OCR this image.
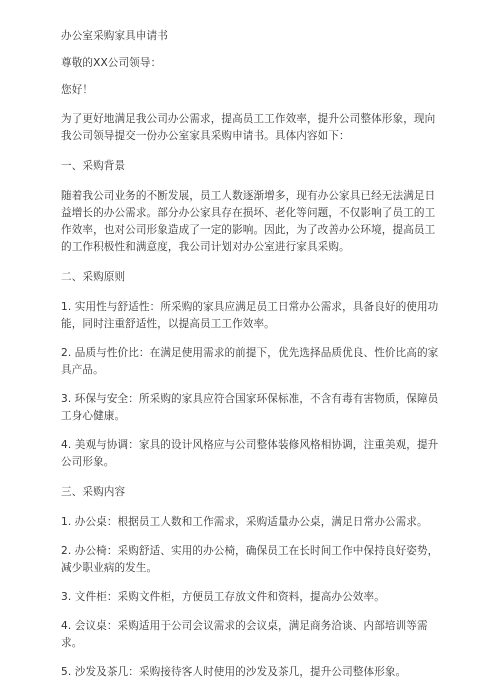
办公室采购家具申请书

尊敬的XX公司领导：

您好！

为了更好地满足我公司办公需求，提高员工工作效率，提升公司整体形象，现向我公司领导提交一份办公室家具采购申请书。具体内容如下：

一、采购背景

随着我公司业务的不断发展，员工人数逐渐增多，现有办公家具已经无法满足日益增长的办公需求。部分办公家具存在损坏、老化等问题，不仅影响了员工的工作效率，也对公司形象造成了一定的影响。因此，为了改善办公环境，提高员工的工作积极性和满意度，我公司计划对办公室进行家具采购。

二、采购原则

1. 实用性与舒适性：所采购的家具应满足员工日常办公需求，具备良好的使用功能，同时注重舒适性，以提高员工工作效率。

2. 品质与性价比：在满足使用需求的前提下，优先选择品质优良、性价比高的家具产品。

3. 环保与安全：所采购的家具应符合国家环保标准，不含有毒有害物质，保障员工身心健康。

4. 美观与协调：家具的设计风格应与公司整体装修风格相协调，注重美观，提升公司形象。

三、采购内容

1. 办公桌：根据员工人数和工作需求，采购适量办公桌，满足日常办公需求。

2. 办公椅：采购舒适、实用的办公椅，确保员工在长时间工作中保持良好姿势，减少职业病的发生。

3. 文件柜：采购文件柜，方便员工存放文件和资料，提高办公效率。

4. 会议桌：采购适用于公司会议需求的会议桌，满足商务洽谈、内部培训等需求。

5. 沙发及茶几：采购接待客人时使用的沙发及茶几，提升公司整体形象。
